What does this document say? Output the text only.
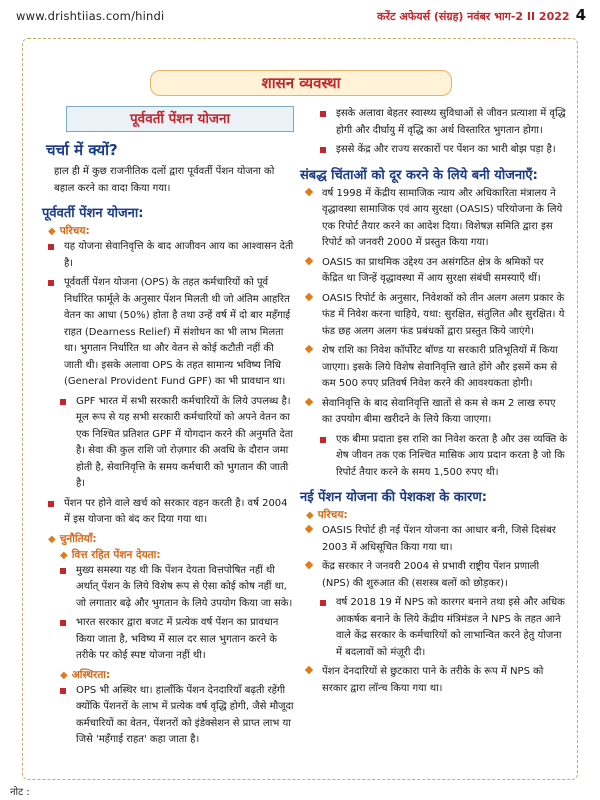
www.drishtiias.com/hindi	करेंट अफेयर्स (संग्रह) नवंबर भाग-2 II 2022 4
शासन व्यवस्था
पूर्ववर्ती पेंशन योजना
चर्चा में क्यों?

हाल ही में कुछ राजनीतिक दलों द्वारा पूर्ववर्ती पेंशन योजना को बहाल करने का वादा किया गया।

पूर्ववर्ती पेंशन योजना:
◆ परिचय:

यह योजना सेवानिवृत्ति के बाद आजीवन आय का आश्वासन देती है।

पूर्ववर्ती पेंशन योजना (OPS) के तहत कर्मचारियों को पूर्व निर्धारित फार्मूले के अनुसार पेंशन मिलती थी जो अंतिम आहरित वेतन का आधा (50%) होता है तथा उन्हें वर्ष में दो बार महँगाई राहत (Dearness Relief) में संशोधन का भी लाभ मिलता था। भुगतान निर्धारित था और वेतन से कोई कटौती नहीं की जाती थी। इसके अलावा OPS के तहत सामान्य भविष्य निधि (General Provident Fund GPF) का भी प्रावधान था।

GPF भारत में सभी सरकारी कर्मचारियों के लिये उपलब्ध है। मूल रूप से यह सभी सरकारी कर्मचारियों को अपने वेतन का एक निश्चित प्रतिशत GPF में योगदान करने की अनुमति देता है। सेवा की कुल राशि जो रोज़गार की अवधि के दौरान जमा होती है, सेवानिवृत्ति के समय कर्मचारी को भुगतान की जाती है।

पेंशन पर होने वाले खर्च को सरकार वहन करती है। वर्ष 2004 में इस योजना को बंद कर दिया गया था।

◆ चुनौतियाँ:
◆ वित्त रहित पेंशन देयता:

मुख्य समस्या यह थी कि पेंशन देयता वित्तपोषित नहीं थी अर्थात् पेंशन के लिये विशेष रूप से ऐसा कोई कोष नहीं था, जो लगातार बढ़े और भुगतान के लिये उपयोग किया जा सके।

भारत सरकार द्वारा बजट में प्रत्येक वर्ष पेंशन का प्रावधान किया जाता है, भविष्य में साल दर साल भुगतान करने के तरीके पर कोई स्पष्ट योजना नहीं थी।

◆ अस्थिरता:

OPS भी अस्थिर था। हालाँकि पेंशन देनदारियाँ बढ़ती रहेंगी क्योंकि पेंशनरों के लाभ में प्रत्येक वर्ष वृद्धि होगी, जैसे मौजूदा कर्मचारियों का वेतन, पेंशनरों को इंडेक्सेशन से प्राप्त लाभ या जिसे 'महँगाई राहत' कहा जाता है।

इसके अलावा बेहतर स्वास्थ्य सुविधाओं से जीवन प्रत्याशा में वृद्धि होगी और दीर्घायु में वृद्धि का अर्थ विस्तारित भुगतान होगा।

इससे केंद्र और राज्य सरकारों पर पेंशन का भारी बोझ पड़ा है।

संबद्ध चिंताओं को दूर करने के लिये बनी योजनाएँ:

वर्ष 1998 में केंद्रीय सामाजिक न्याय और अधिकारिता मंत्रालय ने वृद्धावस्था सामाजिक एवं आय सुरक्षा (OASIS) परियोजना के लिये एक रिपोर्ट तैयार करने का आदेश दिया। विशेषज्ञ समिति द्वारा इस रिपोर्ट को जनवरी 2000 में प्रस्तुत किया गया।

OASIS का प्राथमिक उद्देश्य उन असंगठित क्षेत्र के श्रमिकों पर केंद्रित था जिन्हें वृद्धावस्था में आय सुरक्षा संबंधी समस्याएँ थीं।

OASIS रिपोर्ट के अनुसार, निवेशकों को तीन अलग अलग प्रकार के फंड में निवेश करना चाहिये, यथा: सुरक्षित, संतुलित और सुरक्षित। ये फंड छह अलग अलग फंड प्रबंधकों द्वारा प्रस्तुत किये जाएंगे।

शेष राशि का निवेश कॉर्पोरेट बॉण्ड या सरकारी प्रतिभूतियों में किया जाएगा। इसके लिये विशेष सेवानिवृत्ति खाते होंगे और इसमें कम से कम 500 रुपए प्रतिवर्ष निवेश करने की आवश्यकता होगी।

सेवानिवृत्ति के बाद सेवानिवृत्ति खातों से कम से कम 2 लाख रुपए का उपयोग बीमा खरीदने के लिये किया जाएगा।

एक बीमा प्रदाता इस राशि का निवेश करता है और उस व्यक्ति के शेष जीवन तक एक निश्चित मासिक आय प्रदान करता है जो कि रिपोर्ट तैयार करने के समय 1,500 रुपए थी।

नई पेंशन योजना की पेशकश के कारण:
◆ परिचय:

OASIS रिपोर्ट ही नई पेंशन योजना का आधार बनी, जिसे दिसंबर 2003 में अधिसूचित किया गया था।

केंद्र सरकार ने जनवरी 2004 से प्रभावी राष्ट्रीय पेंशन प्रणाली (NPS) की शुरुआत की (सशस्त्र बलों को छोड़कर)।

वर्ष 2018 19 में NPS को कारगर बनाने तथा इसे और अधिक आकर्षक बनाने के लिये केंद्रीय मंत्रिमंडल ने NPS के तहत आने वाले केंद्र सरकार के कर्मचारियों को लाभान्वित करने हेतु योजना में बदलावों को मंज़ूरी दी।

पेंशन देनदारियों से छुटकारा पाने के तरीके के रूप में NPS को सरकार द्वारा लॉन्च किया गया था।

नोट :
